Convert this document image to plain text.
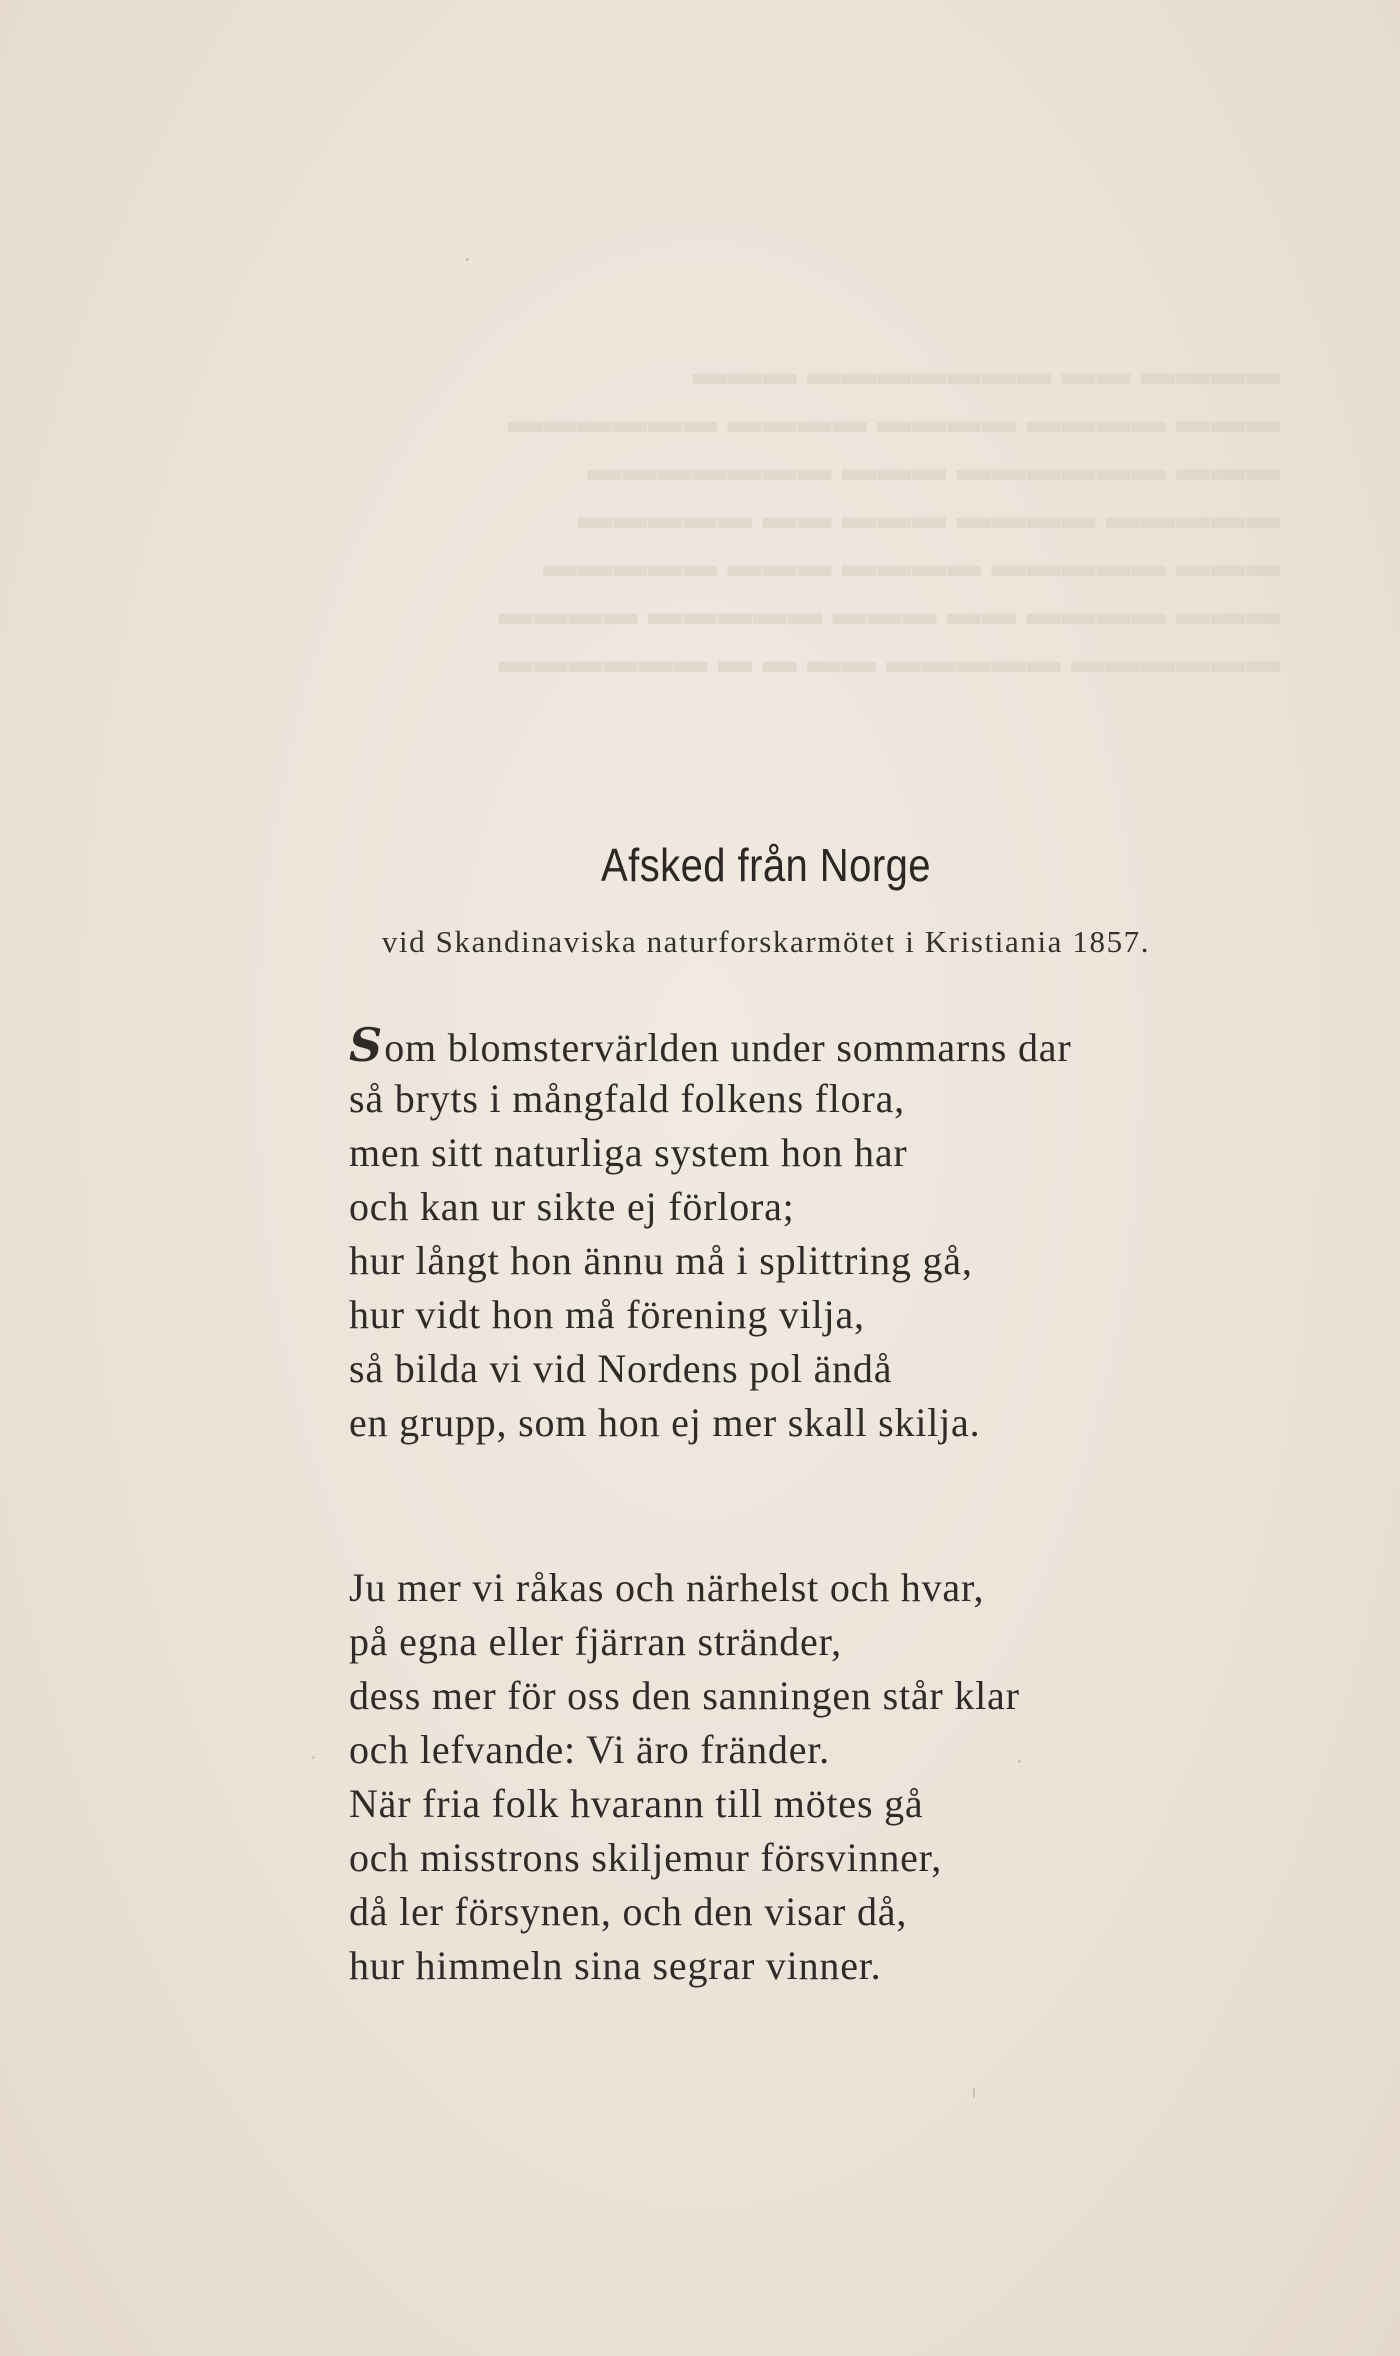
▬▬▬▬ ▬▬ ▬▬▬▬▬▬▬ ▬▬▬
▬▬▬ ▬▬▬▬ ▬▬▬▬ ▬▬▬▬ ▬▬▬▬▬▬
▬▬▬ ▬▬▬▬▬▬ ▬▬▬ ▬▬▬▬▬▬▬
▬▬▬▬▬ ▬▬▬▬ ▬▬▬ ▬▬ ▬▬▬▬▬
▬▬▬ ▬▬▬▬▬ ▬▬▬▬ ▬▬▬ ▬▬▬▬▬
▬▬▬ ▬▬▬▬ ▬▬ ▬▬▬ ▬▬▬▬▬ ▬▬▬▬
▬▬▬▬▬▬ ▬▬▬▬▬ ▬▬ ▬ ▬ ▬▬▬▬▬▬
Afsked från Norge
vid Skandinaviska naturforskarmötet i Kristiania 1857.
Som blomstervärlden under sommarns dar
så bryts i mångfald folkens flora,
men sitt naturliga system hon har
och kan ur sikte ej förlora;
hur långt hon ännu må i splittring gå,
hur vidt hon må förening vilja,
så bilda vi vid Nordens pol ändå
en grupp, som hon ej mer skall skilja.
Ju mer vi råkas och närhelst och hvar,
på egna eller fjärran stränder,
dess mer för oss den sanningen står klar
och lefvande: Vi äro fränder.
När fria folk hvarann till mötes gå
och misstrons skiljemur försvinner,
då ler försynen, och den visar då,
hur himmeln sina segrar vinner.
